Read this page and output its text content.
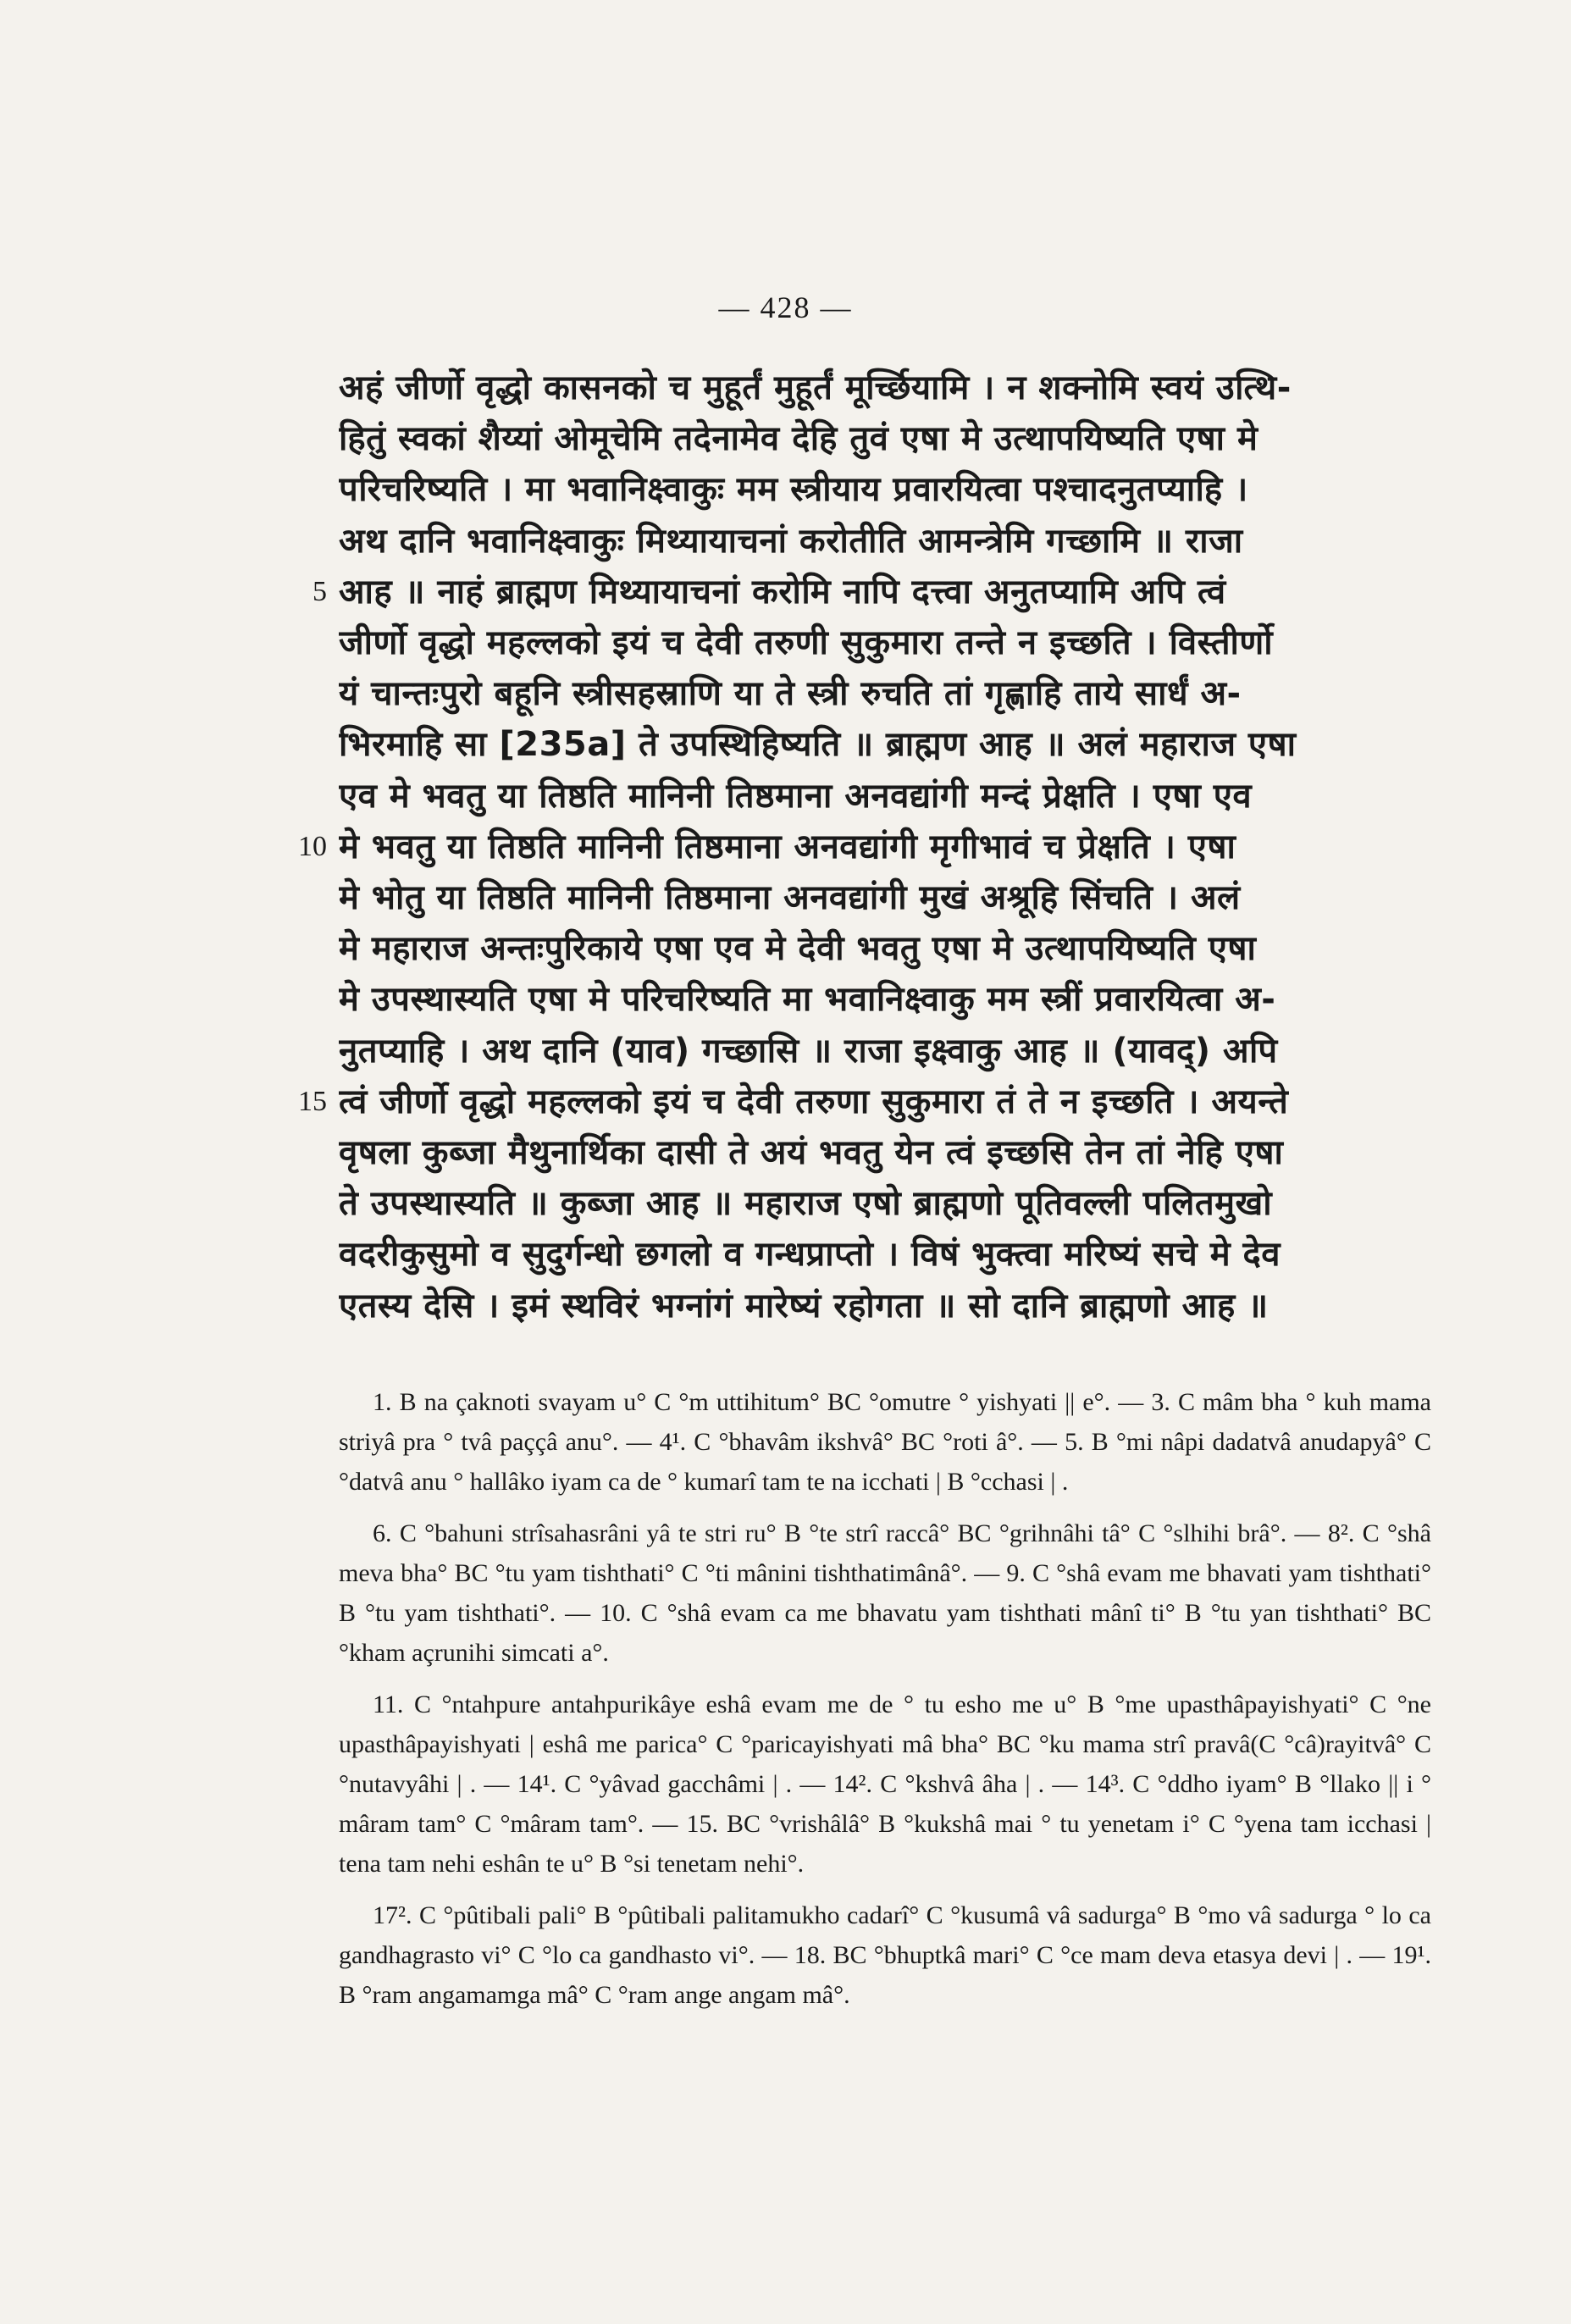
— 428 —
अहं जीर्णो वृद्धो कासनको च मुहूर्तं मुहूर्तं मूर्च्छियामि । न शक्नोमि स्वयं उत्थि-
हितुं स्वकां शैय्यां ओमूचेमि तदेनामेव देहि तुवं एषा मे उत्थापयिष्यति एषा मे
परिचरिष्यति । मा भवानिक्ष्वाकुः मम स्त्रीयाय प्रवारयित्वा पश्चादनुतप्याहि ।
अथ दानि भवानिक्ष्वाकुः मिथ्यायाचनां करोतीति आमन्त्रेमि गच्छामि ॥ राजा
5 आह ॥ नाहं ब्राह्मण मिथ्यायाचनां करोमि नापि दत्त्वा अनुतप्यामि अपि त्वं
जीर्णो वृद्धो महल्लको इयं च देवी तरुणी सुकुमारा तन्ते न इच्छति । विस्तीर्णो
यं चान्तःपुरो बहूनि स्त्रीसहस्राणि या ते स्त्री रुचति तां गृह्णाहि ताये सार्धं अ-
भिरमाहि सा [235a] ते उपस्थिहिष्यति ॥ ब्राह्मण आह ॥ अलं महाराज एषा
एव मे भवतु या तिष्ठति मानिनी तिष्ठमाना अनवद्यांगी मन्दं प्रेक्षति । एषा एव
10 मे भवतु या तिष्ठति मानिनी तिष्ठमाना अनवद्यांगी मृगीभावं च प्रेक्षति । एषा
मे भोतु या तिष्ठति मानिनी तिष्ठमाना अनवद्यांगी मुखं अश्रूहि सिंचति । अलं
मे महाराज अन्तःपुरिकाये एषा एव मे देवी भवतु एषा मे उत्थापयिष्यति एषा
मे उपस्थास्यति एषा मे परिचरिष्यति मा भवानिक्ष्वाकु मम स्त्रीं प्रवारयित्वा अ-
नुतप्याहि । अथ दानि (याव) गच्छासि ॥ राजा इक्ष्वाकु आह ॥ (यावद्) अपि
15 त्वं जीर्णो वृद्धो महल्लको इयं च देवी तरुणा सुकुमारा तं ते न इच्छति । अयन्ते
वृषला कुब्जा मैथुनार्थिका दासी ते अयं भवतु येन त्वं इच्छसि तेन तां नेहि एषा
ते उपस्थास्यति ॥ कुब्जा आह ॥ महाराज एषो ब्राह्मणो पूतिवल्ली पलितमुखो
वदरीकुसुमो व सुदुर्गन्धो छगलो व गन्धप्राप्तो । विषं भुक्त्वा मरिष्यं सचे मे देव
एतस्य देसि । इमं स्थविरं भग्नांगं मारेष्यं रहोगता ॥ सो दानि ब्राह्मणो आह ॥

1. B na çaknoti svayam u° C °m uttihitum° BC °omutre ° yishyati || e°. — 3. C mâm bha ° kuh mama striyâ pra ° tvâ paççâ anu°. — 4¹. C °bhavâm ikshvâ° BC °roti â°. — 5. B °mi nâpi dadatvâ anudapyâ° C °datvâ anu ° hallâko iyam ca de ° kumarî tam te na icchati | B °cchasi | .

6. C °bahuni strîsahasrâni yâ te stri ru° B °te strî raccâ° BC °grihnâhi tâ° C °slhihi brâ°. — 8². C °shâ meva bha° BC °tu yam tishthati° C °ti mânini tishthatimânâ°. — 9. C °shâ evam me bhavati yam tishthati° B °tu yam tishthati°. — 10. C °shâ evam ca me bhavatu yam tishthati mânî ti° B °tu yan tishthati° BC °kham açrunihi simcati a°.

11. C °ntahpure antahpurikâye eshâ evam me de ° tu esho me u° B °me upasthâpayishyati° C °ne upasthâpayishyati | eshâ me parica° C °paricayishyati mâ bha° BC °ku mama strî pravâ(C °câ)rayitvâ° C °nutavyâhi | . — 14¹. C °yâvad gacchâmi | . — 14². C °kshvâ âha | . — 14³. C °ddho iyam° B °llako || i ° mâram tam° C °mâram tam°. — 15. BC °vrishâlâ° B °kukshâ mai ° tu yenetam i° C °yena tam icchasi | tena tam nehi eshân te u° B °si tenetam nehi°.

17². C °pûtibali pali° B °pûtibali palitamukho cadarî° C °kusumâ vâ sadurga° B °mo vâ sadurga ° lo ca gandhagrasto vi° C °lo ca gandhasto vi°. — 18. BC °bhuptkâ mari° C °ce mam deva etasya devi | . — 19¹. B °ram angamamga mâ° C °ram ange angam mâ°.
